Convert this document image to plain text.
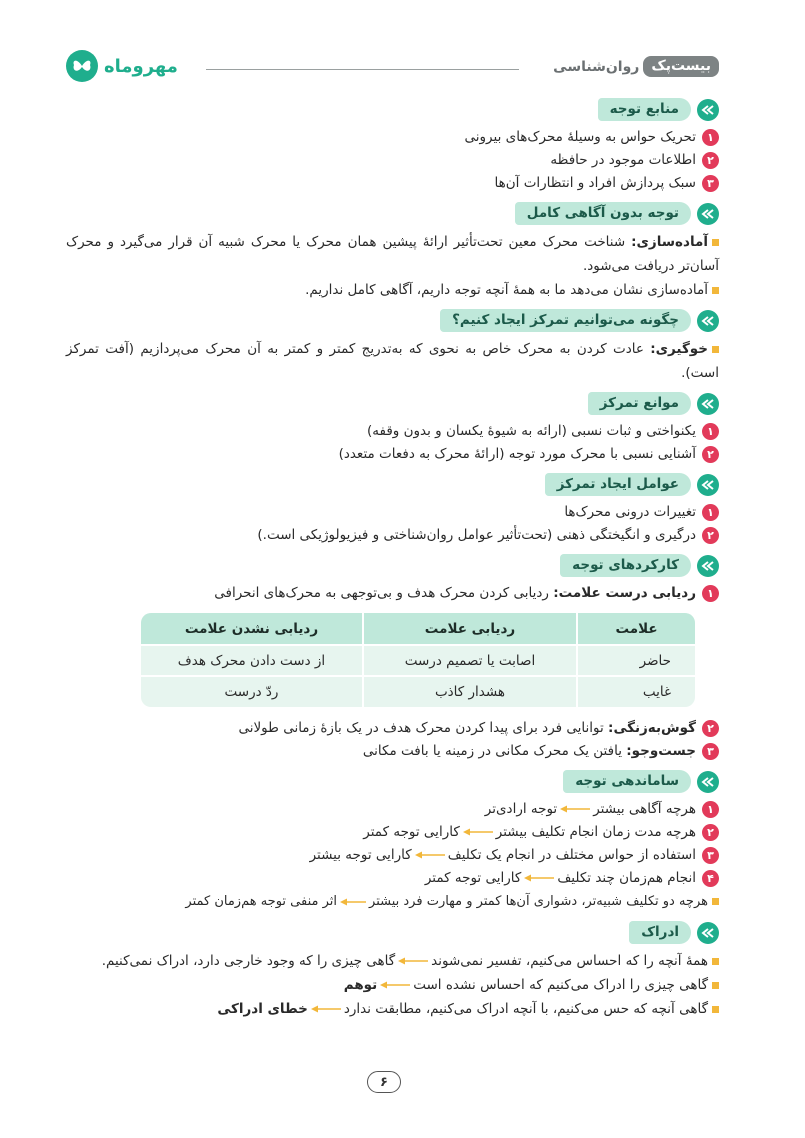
بیست‌پک
روان‌شناسی
مهروماه
منابع توجه
۱
تحریک حواس به وسیلهٔ محرک‌های بیرونی
۲
اطلاعات موجود در حافظه
۳
سبک پردازش افراد و انتظارات آن‌ها
توجه بدون آگاهی کامل

آماده‌سازی: شناخت محرک معین تحت‌تأثیر ارائهٔ پیشین همان محرک یا محرک شبیه آن قرار می‌گیرد و محرک آسان‌تر دریافت می‌شود.

آماده‌سازی نشان می‌دهد ما به همهٔ آنچه توجه داریم، آگاهی کامل نداریم.

چگونه می‌توانیم تمرکز ایجاد کنیم؟

خوگیری: عادت کردن به محرک خاص به نحوی که به‌تدریج کمتر و کمتر به آن محرک می‌پردازیم (آفت تمرکز است).

موانع تمرکز
۱
یکنواختی و ثبات نسبی (ارائه به شیوهٔ یکسان و بدون وقفه)
۲
آشنایی نسبی با محرک مورد توجه (ارائهٔ محرک به دفعات متعدد)
عوامل ایجاد تمرکز
۱
تغییرات درونی محرک‌ها
۲
درگیری و انگیختگی ذهنی (تحت‌تأثیر عوامل روان‌شناختی و فیزیولوژیکی است.)
کارکردهای توجه
۱
ردیابی درست علامت: ردیابی کردن محرک هدف و بی‌توجهی به محرک‌های انحرافی
علامت	ردیابی علامت	ردیابی نشدن علامت
حاضر	اصابت یا تصمیم درست	از دست دادن محرک هدف
غایب	هشدار کاذب	ردّ درست
۲
گوش‌به‌زنگی: توانایی فرد برای پیدا کردن محرک هدف در یک بازهٔ زمانی طولانی
۳
جست‌وجو: یافتن یک محرک مکانی در زمینه یا بافت مکانی
ساماندهی توجه
۱
هرچه آگاهی بیشترتوجه ارادی‌تر
۲
هرچه مدت زمان انجام تکلیف بیشترکارایی توجه کمتر
۳
استفاده از حواس مختلف در انجام یک تکلیفکارایی توجه بیشتر
۴
انجام هم‌زمان چند تکلیفکارایی توجه کمتر

هرچه دو تکلیف شبیه‌تر، دشواری آن‌ها کمتر و مهارت فرد بیشتراثر منفی توجه هم‌زمان کمتر

ادراک

همهٔ آنچه را که احساس می‌کنیم، تفسیر نمی‌شوندگاهی چیزی را که وجود خارجی دارد، ادراک نمی‌کنیم.

گاهی چیزی را ادراک می‌کنیم که احساس نشده استتوهم

گاهی آنچه که حس می‌کنیم، با آنچه ادراک می‌کنیم، مطابقت نداردخطای ادراکی

۶
